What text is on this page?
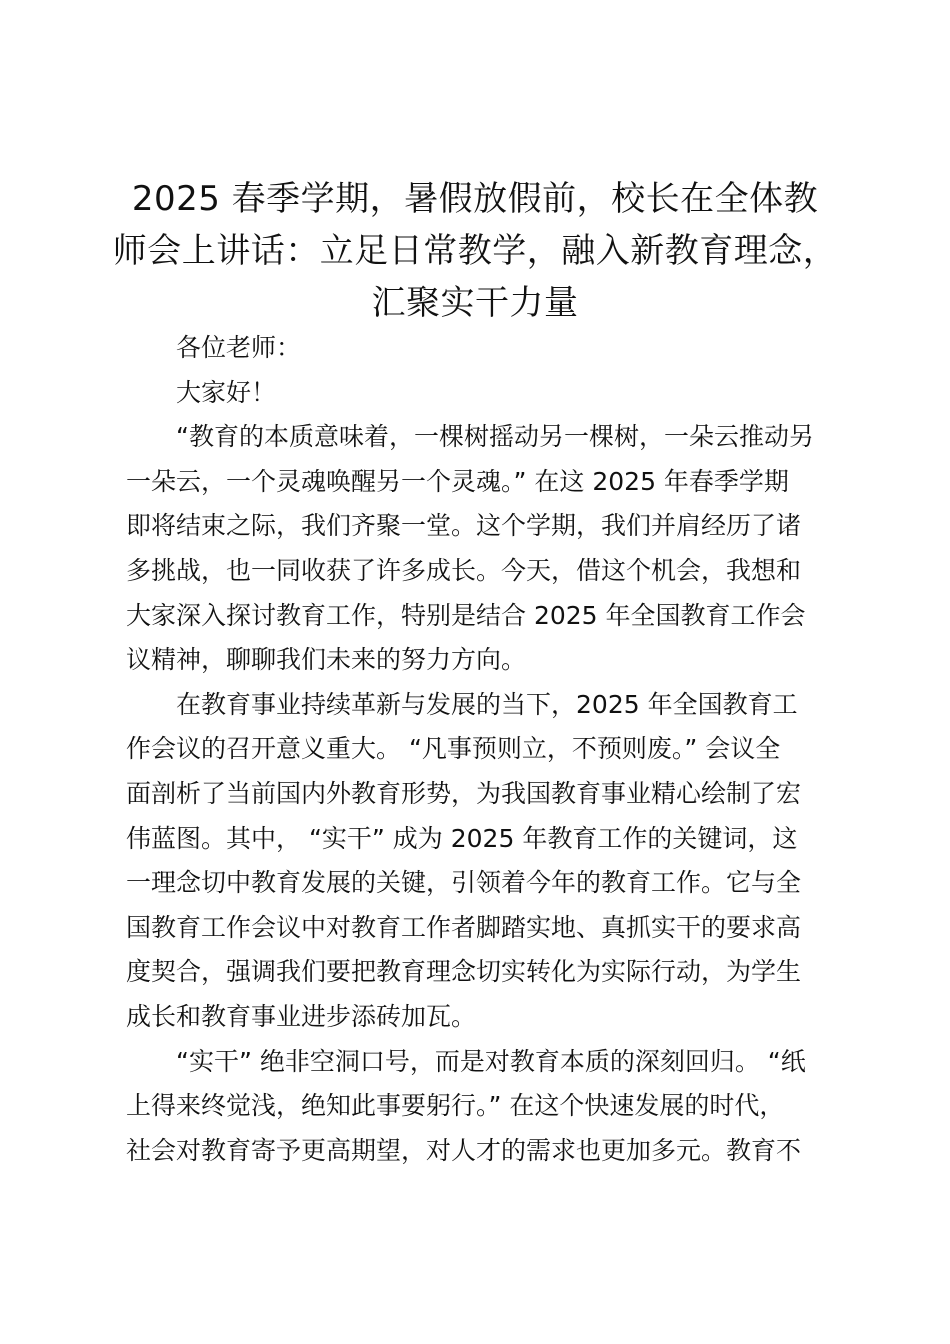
2025 春季学期，暑假放假前，校长在全体教
师会上讲话：立足日常教学，融入新教育理念，
汇聚实干力量

各位老师：

大家好！

“教育的本质意味着，一棵树摇动另一棵树，一朵云推动另
一朵云，一个灵魂唤醒另一个灵魂。” 在这 2025 年春季学期
即将结束之际，我们齐聚一堂。这个学期，我们并肩经历了诸
多挑战，也一同收获了许多成长。今天，借这个机会，我想和
大家深入探讨教育工作，特别是结合 2025 年全国教育工作会
议精神，聊聊我们未来的努力方向。

在教育事业持续革新与发展的当下，2025 年全国教育工
作会议的召开意义重大。 “凡事预则立，不预则废。” 会议全
面剖析了当前国内外教育形势，为我国教育事业精心绘制了宏
伟蓝图。其中， “实干” 成为 2025 年教育工作的关键词，这
一理念切中教育发展的关键，引领着今年的教育工作。它与全
国教育工作会议中对教育工作者脚踏实地、真抓实干的要求高
度契合，强调我们要把教育理念切实转化为实际行动，为学生
成长和教育事业进步添砖加瓦。

“实干” 绝非空洞口号，而是对教育本质的深刻回归。 “纸
上得来终觉浅，绝知此事要躬行。” 在这个快速发展的时代，
社会对教育寄予更高期望，对人才的需求也更加多元。教育不
